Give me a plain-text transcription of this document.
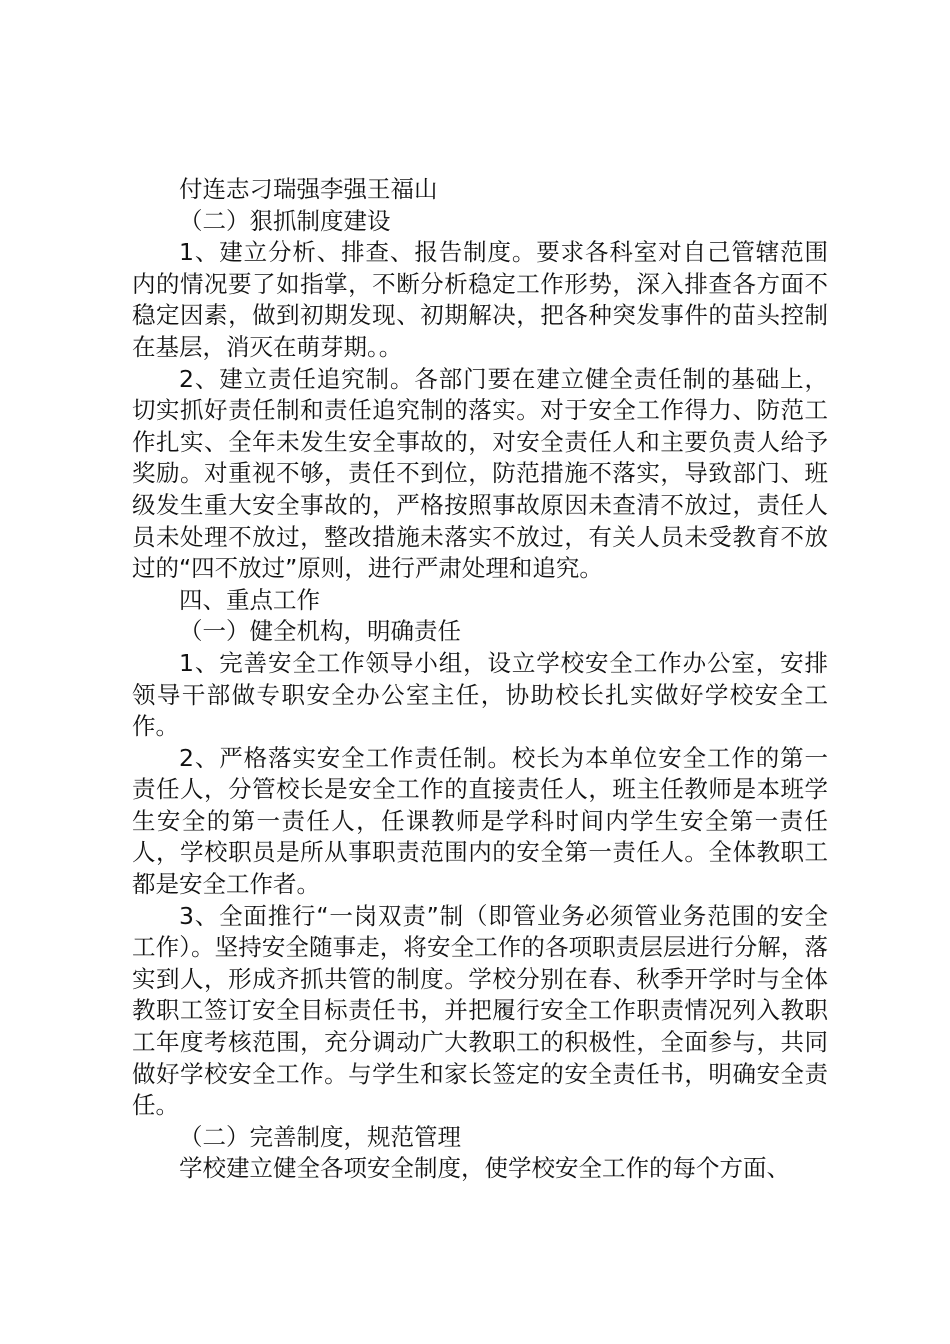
付连志刁瑞强李强王福山

（二）狠抓制度建设

1、建立分析、排查、报告制度。要求各科室对自己管辖范围内的情况要了如指掌，不断分析稳定工作形势，深入排查各方面不稳定因素，做到初期发现、初期解决，把各种突发事件的苗头控制在基层，消灭在萌芽期。。

2、建立责任追究制。各部门要在建立健全责任制的基础上，切实抓好责任制和责任追究制的落实。对于安全工作得力、防范工作扎实、全年未发生安全事故的，对安全责任人和主要负责人给予奖励。对重视不够，责任不到位，防范措施不落实，导致部门、班级发生重大安全事故的，严格按照事故原因未查清不放过，责任人员未处理不放过，整改措施未落实不放过，有关人员未受教育不放过的“四不放过”原则，进行严肃处理和追究。

四、重点工作

（一）健全机构，明确责任

1、完善安全工作领导小组，设立学校安全工作办公室，安排领导干部做专职安全办公室主任，协助校长扎实做好学校安全工作。

2、严格落实安全工作责任制。校长为本单位安全工作的第一责任人，分管校长是安全工作的直接责任人，班主任教师是本班学生安全的第一责任人，任课教师是学科时间内学生安全第一责任人，学校职员是所从事职责范围内的安全第一责任人。全体教职工都是安全工作者。

3、全面推行“一岗双责”制（即管业务必须管业务范围的安全工作）。坚持安全随事走，将安全工作的各项职责层层进行分解，落实到人，形成齐抓共管的制度。学校分别在春、秋季开学时与全体教职工签订安全目标责任书，并把履行安全工作职责情况列入教职工年度考核范围，充分调动广大教职工的积极性，全面参与，共同做好学校安全工作。与学生和家长签定的安全责任书，明确安全责任。

（二）完善制度，规范管理

学校建立健全各项安全制度，使学校安全工作的每个方面、
